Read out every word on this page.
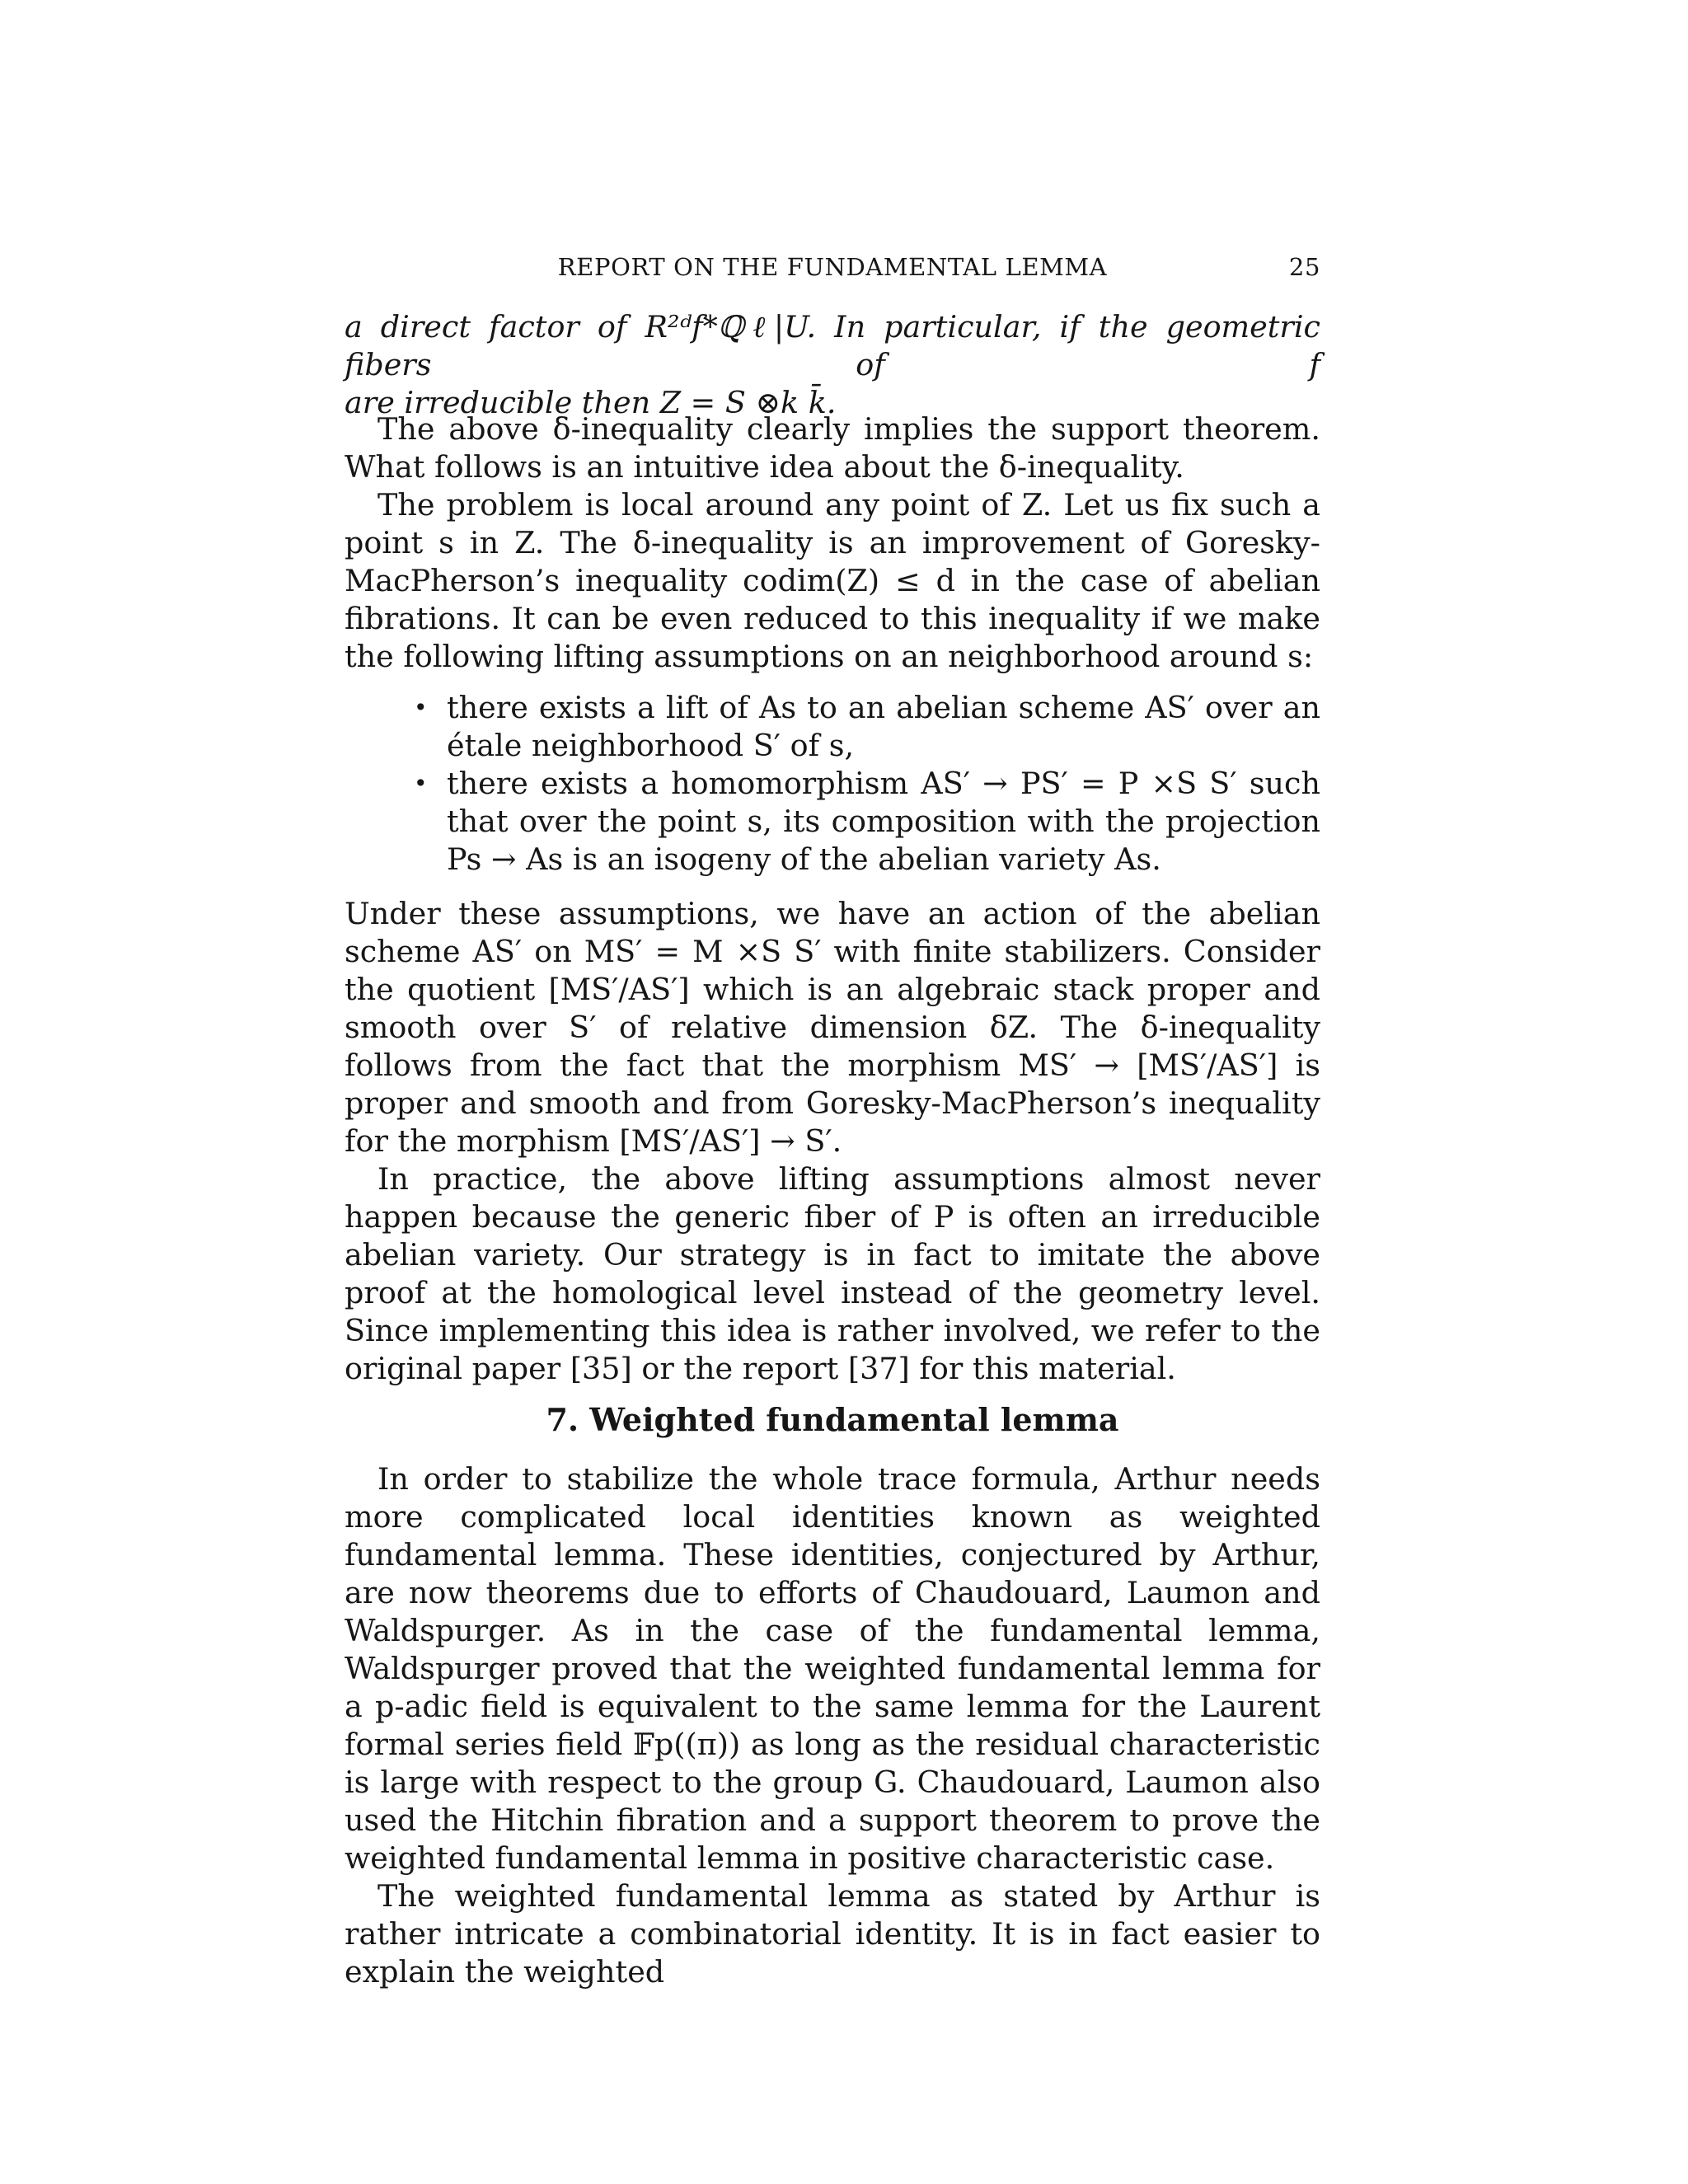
REPORT ON THE FUNDAMENTAL LEMMA	25

a direct factor of R²ᵈf*ℚℓ|U. In particular, if the geometric fibers of f

are irreducible then Z = S ⊗k k̄.

The above δ-inequality clearly implies the support theorem. What follows is an intuitive idea about the δ-inequality.

The problem is local around any point of Z. Let us fix such a point s in Z. The δ-inequality is an improvement of Goresky-MacPherson’s inequality codim(Z) ≤ d in the case of abelian fibrations. It can be even reduced to this inequality if we make the following lifting assumptions on an neighborhood around s:

• there exists a lift of As to an abelian scheme AS′ over an étale neighborhood S′ of s,
• there exists a homomorphism AS′ → PS′ = P ×S S′ such that over the point s, its composition with the projection Ps → As is an isogeny of the abelian variety As.

Under these assumptions, we have an action of the abelian scheme AS′ on MS′ = M ×S S′ with finite stabilizers. Consider the quotient [MS′/AS′] which is an algebraic stack proper and smooth over S′ of relative dimension δZ. The δ-inequality follows from the fact that the morphism MS′ → [MS′/AS′] is proper and smooth and from Goresky-MacPherson’s inequality for the morphism [MS′/AS′] → S′.

In practice, the above lifting assumptions almost never happen because the generic fiber of P is often an irreducible abelian variety. Our strategy is in fact to imitate the above proof at the homological level instead of the geometry level. Since implementing this idea is rather involved, we refer to the original paper [35] or the report [37] for this material.

7. Weighted fundamental lemma

In order to stabilize the whole trace formula, Arthur needs more complicated local identities known as weighted fundamental lemma. These identities, conjectured by Arthur, are now theorems due to efforts of Chaudouard, Laumon and Waldspurger. As in the case of the fundamental lemma, Waldspurger proved that the weighted fundamental lemma for a p-adic field is equivalent to the same lemma for the Laurent formal series field 𝔽p((π)) as long as the residual characteristic is large with respect to the group G. Chaudouard, Laumon also used the Hitchin fibration and a support theorem to prove the weighted fundamental lemma in positive characteristic case.

The weighted fundamental lemma as stated by Arthur is rather intricate a combinatorial identity. It is in fact easier to explain the weighted
